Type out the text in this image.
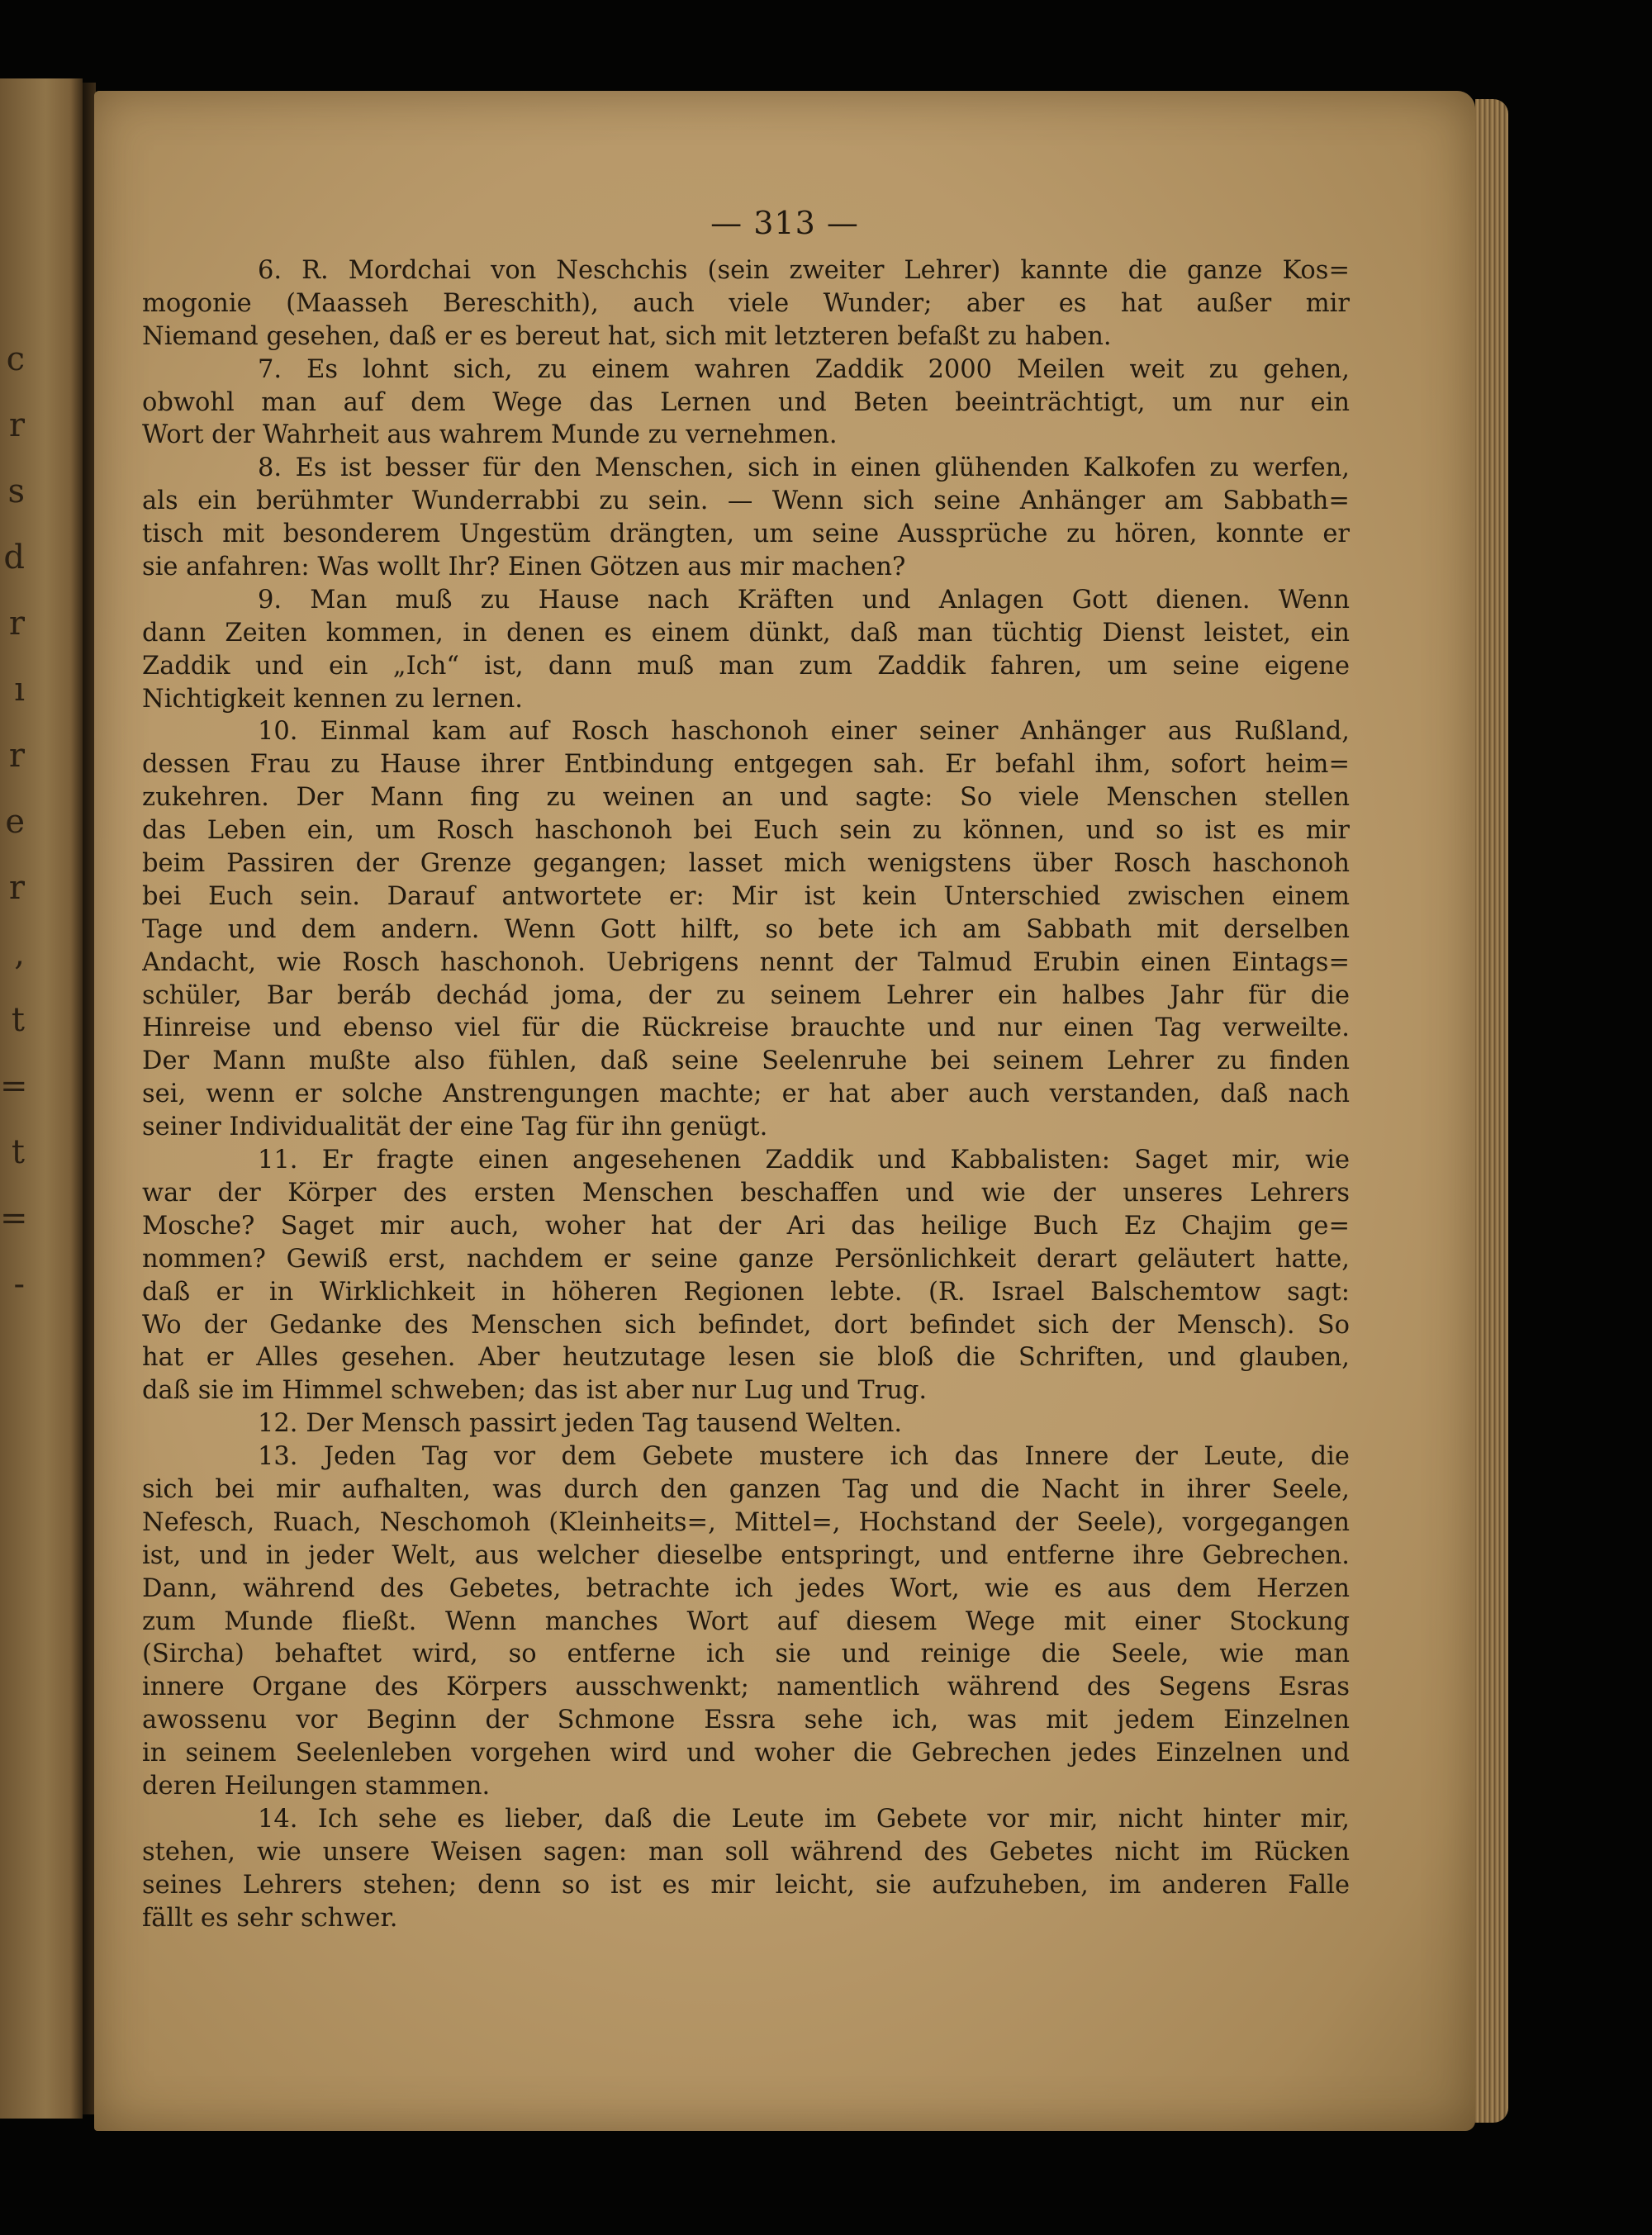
c
r
s
d
r
ı
r
e
r
,
t
=
t
=
-
— 313 —
6. R. Mordchai von Neschchis (sein zweiter Lehrer) kannte die ganze Kos=
mogonie (Maasseh Bereschith), auch viele Wunder; aber es hat außer mir
Niemand gesehen, daß er es bereut hat, sich mit letzteren befaßt zu haben.
7. Es lohnt sich, zu einem wahren Zaddik 2000 Meilen weit zu gehen,
obwohl man auf dem Wege das Lernen und Beten beeinträchtigt, um nur ein
Wort der Wahrheit aus wahrem Munde zu vernehmen.
8. Es ist besser für den Menschen, sich in einen glühenden Kalkofen zu werfen,
als ein berühmter Wunderrabbi zu sein. — Wenn sich seine Anhänger am Sabbath=
tisch mit besonderem Ungestüm drängten, um seine Aussprüche zu hören, konnte er
sie anfahren: Was wollt Ihr? Einen Götzen aus mir machen?
9. Man muß zu Hause nach Kräften und Anlagen Gott dienen. Wenn
dann Zeiten kommen, in denen es einem dünkt, daß man tüchtig Dienst leistet, ein
Zaddik und ein „Ich“ ist, dann muß man zum Zaddik fahren, um seine eigene
Nichtigkeit kennen zu lernen.
10. Einmal kam auf Rosch haschonoh einer seiner Anhänger aus Rußland,
dessen Frau zu Hause ihrer Entbindung entgegen sah. Er befahl ihm, sofort heim=
zukehren. Der Mann fing zu weinen an und sagte: So viele Menschen stellen
das Leben ein, um Rosch haschonoh bei Euch sein zu können, und so ist es mir
beim Passiren der Grenze gegangen; lasset mich wenigstens über Rosch haschonoh
bei Euch sein. Darauf antwortete er: Mir ist kein Unterschied zwischen einem
Tage und dem andern. Wenn Gott hilft, so bete ich am Sabbath mit derselben
Andacht, wie Rosch haschonoh. Uebrigens nennt der Talmud Erubin einen Eintags=
schüler, Bar beráb dechád joma, der zu seinem Lehrer ein halbes Jahr für die
Hinreise und ebenso viel für die Rückreise brauchte und nur einen Tag verweilte.
Der Mann mußte also fühlen, daß seine Seelenruhe bei seinem Lehrer zu finden
sei, wenn er solche Anstrengungen machte; er hat aber auch verstanden, daß nach
seiner Individualität der eine Tag für ihn genügt.
11. Er fragte einen angesehenen Zaddik und Kabbalisten: Saget mir, wie
war der Körper des ersten Menschen beschaffen und wie der unseres Lehrers
Mosche? Saget mir auch, woher hat der Ari das heilige Buch Ez Chajim ge=
nommen? Gewiß erst, nachdem er seine ganze Persönlichkeit derart geläutert hatte,
daß er in Wirklichkeit in höheren Regionen lebte. (R. Israel Balschemtow sagt:
Wo der Gedanke des Menschen sich befindet, dort befindet sich der Mensch). So
hat er Alles gesehen. Aber heutzutage lesen sie bloß die Schriften, und glauben,
daß sie im Himmel schweben; das ist aber nur Lug und Trug.
12. Der Mensch passirt jeden Tag tausend Welten.
13. Jeden Tag vor dem Gebete mustere ich das Innere der Leute, die
sich bei mir aufhalten, was durch den ganzen Tag und die Nacht in ihrer Seele,
Nefesch, Ruach, Neschomoh (Kleinheits=, Mittel=, Hochstand der Seele), vorgegangen
ist, und in jeder Welt, aus welcher dieselbe entspringt, und entferne ihre Gebrechen.
Dann, während des Gebetes, betrachte ich jedes Wort, wie es aus dem Herzen
zum Munde fließt. Wenn manches Wort auf diesem Wege mit einer Stockung
(Sircha) behaftet wird, so entferne ich sie und reinige die Seele, wie man
innere Organe des Körpers ausschwenkt; namentlich während des Segens Esras
awossenu vor Beginn der Schmone Essra sehe ich, was mit jedem Einzelnen
in seinem Seelenleben vorgehen wird und woher die Gebrechen jedes Einzelnen und
deren Heilungen stammen.
14. Ich sehe es lieber, daß die Leute im Gebete vor mir, nicht hinter mir,
stehen, wie unsere Weisen sagen: man soll während des Gebetes nicht im Rücken
seines Lehrers stehen; denn so ist es mir leicht, sie aufzuheben, im anderen Falle
fällt es sehr schwer.
